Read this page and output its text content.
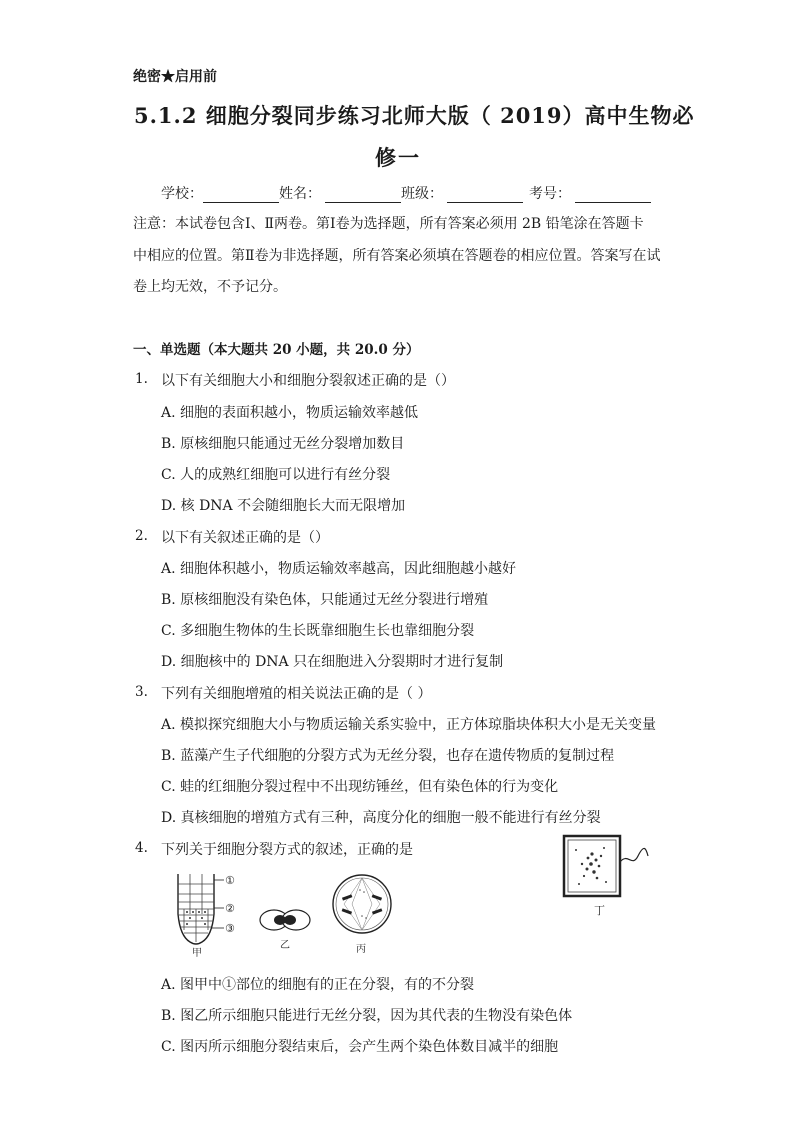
绝密★启用前
5.1.2 细胞分裂同步练习北师大版（ 2019）高中生物必
修一
学校：	姓名：	班级：	考号：
注意：本试卷包含Ⅰ、Ⅱ两卷。第Ⅰ卷为选择题，所有答案必须用 2B 铅笔涂在答题卡
中相应的位置。第Ⅱ卷为非选择题，所有答案必须填在答题卷的相应位置。答案写在试
卷上均无效，不予记分。
一、单选题（本大题共 20 小题，共 20.0 分）
1. 以下有关细胞大小和细胞分裂叙述正确的是（）
A. 细胞的表面积越小，物质运输效率越低
B. 原核细胞只能通过无丝分裂增加数目
C. 人的成熟红细胞可以进行有丝分裂
D. 核 DNA 不会随细胞长大而无限增加
2. 以下有关叙述正确的是（）
A. 细胞体积越小，物质运输效率越高，因此细胞越小越好
B. 原核细胞没有染色体，只能通过无丝分裂进行增殖
C. 多细胞生物体的生长既靠细胞生长也靠细胞分裂
D. 细胞核中的 DNA 只在细胞进入分裂期时才进行复制
3. 下列有关细胞增殖的相关说法正确的是（ ）
A. 模拟探究细胞大小与物质运输关系实验中，正方体琼脂块体积大小是无关变量
B. 蓝藻产生子代细胞的分裂方式为无丝分裂，也存在遗传物质的复制过程
C. 蛙的红细胞分裂过程中不出现纺锤丝，但有染色体的行为变化
D. 真核细胞的增殖方式有三种，高度分化的细胞一般不能进行有丝分裂
4. 下列关于细胞分裂方式的叙述，正确的是
丁
①
②
③
甲
乙	丙
A. 图甲中①部位的细胞有的正在分裂，有的不分裂
B. 图乙所示细胞只能进行无丝分裂，因为其代表的生物没有染色体
C. 图丙所示细胞分裂结束后，会产生两个染色体数目减半的细胞
